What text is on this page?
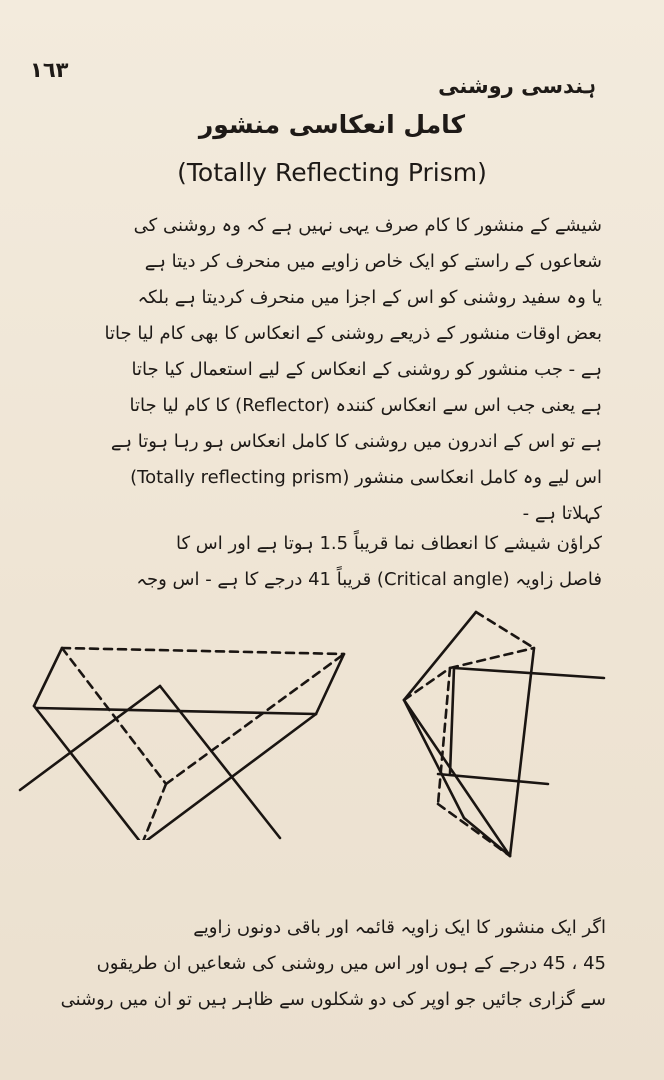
١٦٣
ہندسی روشنی
کامل انعکاسی منشور
(Totally Reflecting Prism)

شیشے کے منشور کا کام صرف یہی نہیں ہے کہ وہ روشنی کی

شعاعوں کے راستے کو ایک خاص زاویے میں منحرف کر دیتا ہے

یا وہ سفید روشنی کو اس کے اجزا میں منحرف کردیتا ہے بلکہ

بعض اوقات منشور کے ذریعے روشنی کے انعکاس کا بھی کام لیا جاتا

ہے - جب منشور کو روشنی کے انعکاس کے لیے استعمال کیا جاتا

ہے یعنی جب اس سے انعکاس کنندہ (Reflector) کا کام لیا جاتا

ہے تو اس کے اندرون میں روشنی کا کامل انعکاس ہو رہا ہوتا ہے

اس لیے وہ کامل انعکاسی منشور (Totally reflecting prism)

کہلاتا ہے -

کراؤن شیشے کا انعطاف نما قریباً 1.5 ہوتا ہے اور اس کا

فاصل زاویہ (Critical angle) قریباً 41 درجے کا ہے - اس وجہ

اگر ایک منشور کا ایک زاویہ قائمہ اور باقی دونوں زاویے

45 ، 45 درجے کے ہوں اور اس میں روشنی کی شعاعیں ان طریقوں

سے گزاری جائیں جو اوپر کی دو شکلوں سے ظاہر ہیں تو ان میں روشنی
